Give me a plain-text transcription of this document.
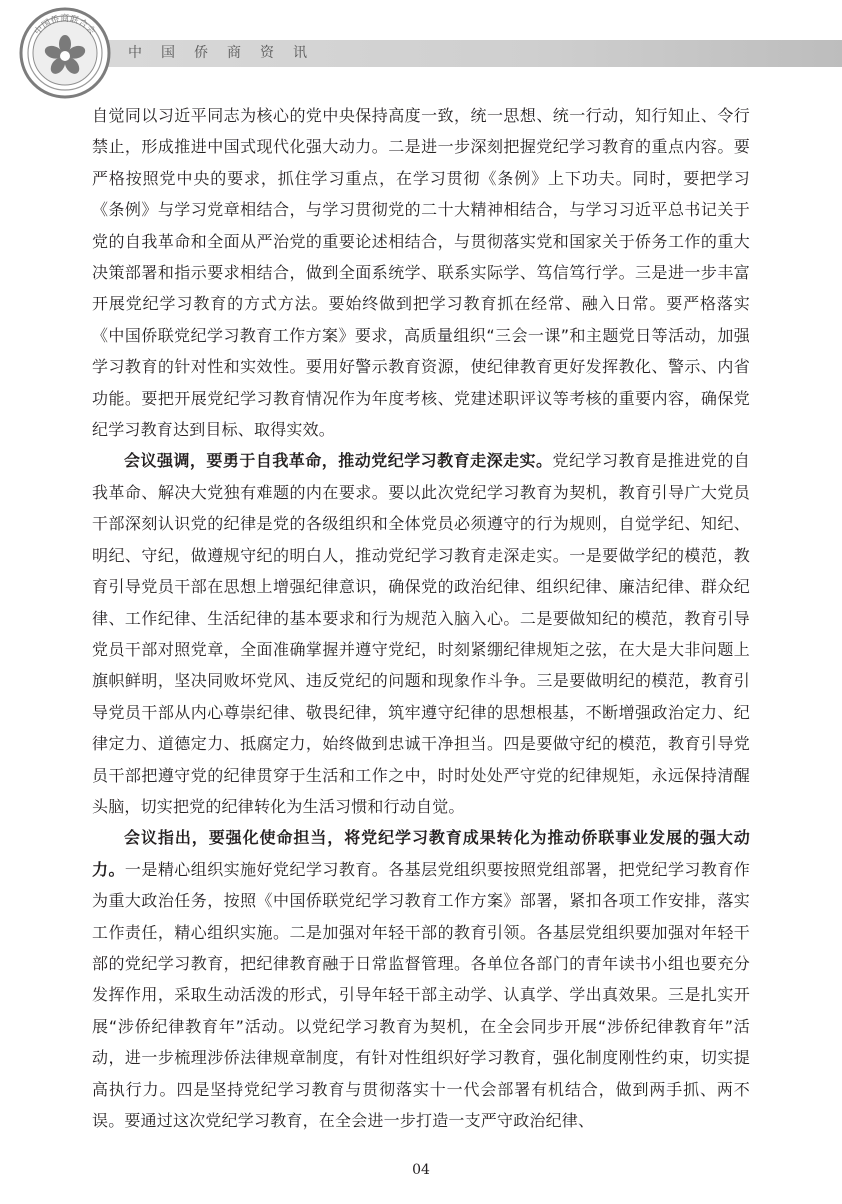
中国侨商联合会
中国侨商资讯

自觉同以习近平同志为核心的党中央保持高度一致，统一思想、统一行动，知行知止、令行禁止，形成推进中国式现代化强大动力。二是进一步深刻把握党纪学习教育的重点内容。要严格按照党中央的要求，抓住学习重点，在学习贯彻《条例》上下功夫。同时，要把学习《条例》与学习党章相结合，与学习贯彻党的二十大精神相结合，与学习习近平总书记关于党的自我革命和全面从严治党的重要论述相结合，与贯彻落实党和国家关于侨务工作的重大决策部署和指示要求相结合，做到全面系统学、联系实际学、笃信笃行学。三是进一步丰富开展党纪学习教育的方式方法。要始终做到把学习教育抓在经常、融入日常。要严格落实《中国侨联党纪学习教育工作方案》要求，高质量组织“三会一课”和主题党日等活动，加强学习教育的针对性和实效性。要用好警示教育资源，使纪律教育更好发挥教化、警示、内省功能。要把开展党纪学习教育情况作为年度考核、党建述职评议等考核的重要内容，确保党纪学习教育达到目标、取得实效。

会议强调，要勇于自我革命，推动党纪学习教育走深走实。党纪学习教育是推进党的自我革命、解决大党独有难题的内在要求。要以此次党纪学习教育为契机，教育引导广大党员干部深刻认识党的纪律是党的各级组织和全体党员必须遵守的行为规则，自觉学纪、知纪、明纪、守纪，做遵规守纪的明白人，推动党纪学习教育走深走实。一是要做学纪的模范，教育引导党员干部在思想上增强纪律意识，确保党的政治纪律、组织纪律、廉洁纪律、群众纪律、工作纪律、生活纪律的基本要求和行为规范入脑入心。二是要做知纪的模范，教育引导党员干部对照党章，全面准确掌握并遵守党纪，时刻紧绷纪律规矩之弦，在大是大非问题上旗帜鲜明，坚决同败坏党风、违反党纪的问题和现象作斗争。三是要做明纪的模范，教育引导党员干部从内心尊崇纪律、敬畏纪律，筑牢遵守纪律的思想根基，不断增强政治定力、纪律定力、道德定力、抵腐定力，始终做到忠诚干净担当。四是要做守纪的模范，教育引导党员干部把遵守党的纪律贯穿于生活和工作之中，时时处处严守党的纪律规矩，永远保持清醒头脑，切实把党的纪律转化为生活习惯和行动自觉。

会议指出，要强化使命担当，将党纪学习教育成果转化为推动侨联事业发展的强大动力。一是精心组织实施好党纪学习教育。各基层党组织要按照党组部署，把党纪学习教育作为重大政治任务，按照《中国侨联党纪学习教育工作方案》部署，紧扣各项工作安排，落实工作责任，精心组织实施。二是加强对年轻干部的教育引领。各基层党组织要加强对年轻干部的党纪学习教育，把纪律教育融于日常监督管理。各单位各部门的青年读书小组也要充分发挥作用，采取生动活泼的形式，引导年轻干部主动学、认真学、学出真效果。三是扎实开展“涉侨纪律教育年”活动。以党纪学习教育为契机，在全会同步开展“涉侨纪律教育年”活动，进一步梳理涉侨法律规章制度，有针对性组织好学习教育，强化制度刚性约束，切实提高执行力。四是坚持党纪学习教育与贯彻落实十一代会部署有机结合，做到两手抓、两不误。要通过这次党纪学习教育，在全会进一步打造一支严守政治纪律、

04
